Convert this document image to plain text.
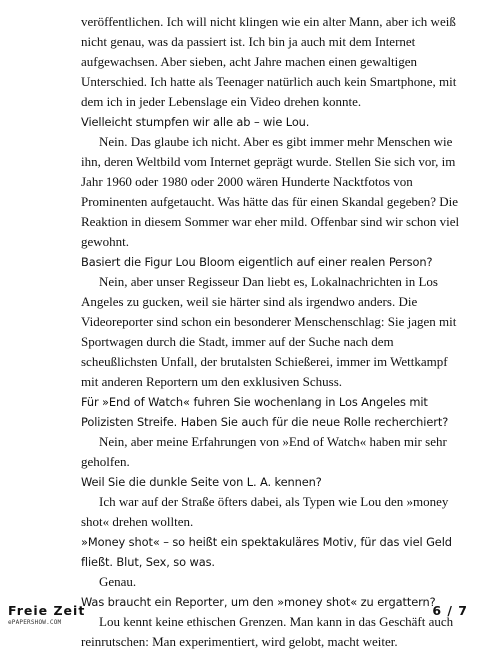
veröffentlichen. Ich will nicht klingen wie ein alter Mann, aber ich weiß nicht genau, was da passiert ist. Ich bin ja auch mit dem Internet aufgewachsen. Aber sieben, acht Jahre machen einen gewaltigen Unterschied. Ich hatte als Teenager natürlich auch kein Smartphone, mit dem ich in jeder Lebenslage ein Video drehen konnte.

Vielleicht stumpfen wir alle ab – wie Lou.

Nein. Das glaube ich nicht. Aber es gibt immer mehr Menschen wie ihn, deren Weltbild vom Internet geprägt wurde. Stellen Sie sich vor, im Jahr 1960 oder 1980 oder 2000 wären Hunderte Nacktfotos von Prominenten aufgetaucht. Was hätte das für einen Skandal gegeben? Die Reaktion in diesem Sommer war eher mild. Offenbar sind wir schon viel gewohnt.

Basiert die Figur Lou Bloom eigentlich auf einer realen Person?

Nein, aber unser Regisseur Dan liebt es, Lokalnachrichten in Los Angeles zu gucken, weil sie härter sind als irgendwo anders. Die Videoreporter sind schon ein besonderer Menschenschlag: Sie jagen mit Sportwagen durch die Stadt, immer auf der Suche nach dem scheußlichsten Unfall, der brutalsten Schießerei, immer im Wettkampf mit anderen Reportern um den exklusiven Schuss.

Für »End of Watch« fuhren Sie wochenlang in Los Angeles mit Polizisten Streife. Haben Sie auch für die neue Rolle recherchiert?

Nein, aber meine Erfahrungen von »End of Watch« haben mir sehr geholfen.

Weil Sie die dunkle Seite von L. A. kennen?

Ich war auf der Straße öfters dabei, als Typen wie Lou den »money shot« drehen wollten.

»Money shot« – so heißt ein spektakuläres Motiv, für das viel Geld fließt. Blut, Sex, so was.

Genau.

Was braucht ein Reporter, um den »money shot« zu ergattern?

Lou kennt keine ethischen Grenzen. Man kann in das Geschäft auch reinrutschen: Man experimentiert, wird gelobt, macht weiter.

Freie Zeit
ePAPERSHOW.COM
6 / 7
